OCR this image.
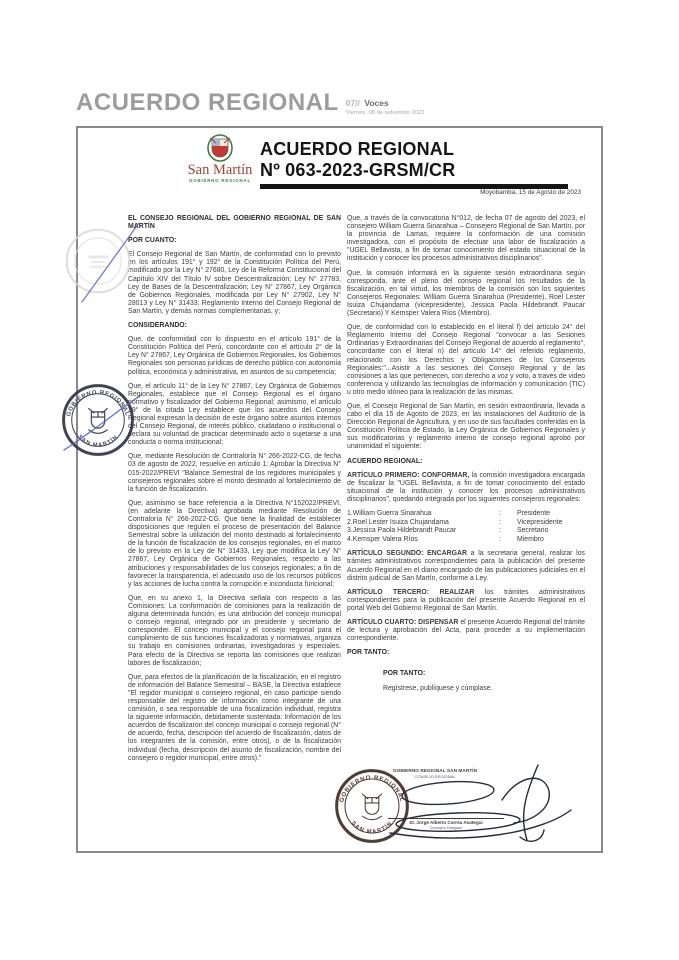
ACUERDO REGIONAL 07// Voces
Viernes, 08 de setiembre 2023
San Martín
GOBIERNO REGIONAL
ACUERDO REGIONAL
Nº 063-2023-GRSM/CR
Moyobamba, 15 de Agosto de 2023

EL CONSEJO REGIONAL DEL GOBIERNO REGIONAL DE SAN MARTÍN

POR CUANTO:

El Consejo Regional de San Martín, de conformidad con lo previsto en los artículos 191° y 192° de la Constitución Política del Perú, modificado por la Ley N° 27680, Ley de la Reforma Constitucional del Capítulo XIV del Título IV sobre Descentralización; Ley N° 27783, Ley de Bases de la Descentralización; Ley N° 27867, Ley Orgánica de Gobiernos Regionales, modificada por Ley N° 27902, Ley N° 28013 y Ley N° 31433; Reglamento Interno del Consejo Regional de San Martín, y demás normas complementarias, y;

CONSIDERANDO:

Que, de conformidad con lo dispuesto en el artículo 191° de la Constitución Política del Perú, concordante con el artículo 2° de la Ley N° 27867, Ley Orgánica de Gobiernos Regionales, los Gobiernos Regionales son personas jurídicas de derecho público con autonomía política, económica y administrativa, en asuntos de su competencia;

Que, el artículo 11° de la Ley N° 27867, Ley Orgánica de Gobiernos Regionales, establece que el Consejo Regional es el órgano normativo y fiscalizador del Gobierno Regional; asimismo, el artículo 39° de la citada Ley establece que los acuerdos del Consejo Regional expresan la decisión de este órgano sobre asuntos internos del Consejo Regional, de interés público, ciudadano o institucional o declara su voluntad de practicar determinado acto o sujetarse a una conducta o norma institucional;

Que, mediante Resolución de Contraloría N° 266-2022-CG, de fecha 03 de agosto de 2022, resuelve en artículo 1: Aprobar la Directiva N° 015-2022/PREVI "Balance Semestral de los regidores municipales y consejeros regionales sobre el monto destinado al fortalecimiento de la función de fiscalización.

Que, asimismo se hace referencia a la Directiva N°152022/PREVI, (en adelante la Directiva) aprobada mediante Resolución de Contraloría N° 266-2022-CG. Que tiene la finalidad de establecer disposiciones que regulen el proceso de presentación del Balance Semestral sobre la utilización del monto destinado al fortalecimiento de la función de fiscalización de los consejos regionales, en el marco de lo previsto en la Ley de N° 31433, Ley que modifica la Ley' N° 27867, Ley Orgánica de Gobiernos Regionales, respecto a las atribuciones y responsabilidades de los consejos regionales; a fin de favorecer la transparencia, el adecuado uso de los recursos públicos y las acciones de lucha contra la corrupción e inconducta funcional;

Que, en su anexo 1, la Directiva señala con respecto a las Comisiones: La conformación de comisiones para la realización de alguna determinada función, es una atribución del concejo municipal o consejo regional, integrado por un presidente y secretario de corresponder. El concejo municipal y el consejo regional para el cumplimiento de sus funciones fiscalizadoras y normativas, organiza su trabajo en comisiones ordinarias, investigadoras y especiales. Para efecto de la Directiva se reporta las comisiones que realizan labores de fiscalización;

Que, para efectos de la planificación de la fiscalización, en el registro de información del Balance Semestral – BASE, la Directiva establece "El regidor municipal o consejero regional, en caso participe siendo responsable del registro de información como integrante de una comisión, o sea responsable de una fiscalización individual, registra la siguiente información, debidamente sustentada: Información de los acuerdos de fiscalizaron del concejo municipal o consejo regional (N° de acuerdo, fecha, descripción del acuerdo de fiscalización, datos de los integrantes de la comisión, entre otros), o de la fiscalización individual (fecha, descripción del asunto de fiscalización, nombre del consejero o regidor municipal, entre otros)."

Que, a través de la convocatoria N°012, de fecha 07 de agosto del 2023, el consejero William Guerra Sinarahua – Consejero Regional de San Martín, por la provincia de Lamas, requiere la conformación de una comisión investigadora, con el propósito de efectuar una labor de fiscalización a "UGEL Bellavista, a fin de tomar conocimiento del estado situacional de la institución y conocer los procesos administrativos disciplinarios".

Que, la comisión informará en la siguiente sesión extraordinaria según corresponda, ante el pleno del consejo regional los resultados de la fiscalización, en tal virtud, los miembros de la comisión son los siguientes Consejeros Regionales: William Guerra Sinarahua (Presidente), Roel Lester Isuiza Chujandama (vicepresidente), Jessica Paola Hildebrandt Paucar (Secretario) Y Kemsper Valera Ríos (Miembro).

Que, de conformidad con lo establecido en el literal f) del artículo 24° del Reglamento Interno del Consejo Regional "convocar a las Sesiones Ordinarias y Extraordinarias del Consejo Regional de acuerdo al reglamento", concordante con el literal n) del artículo 14° del referido reglamento, relacionado con los Derechos y Obligaciones de los Consejeros Regionales:"...Asistir a las sesiones del Consejo Regional y de las comisiones a las que pertenecen, con derecho a voz y voto, a través de video conferencia y utilizando las tecnologías de información y comunicación (TIC) u otro medio idóneo para la realización de las mismas.

Que, el Consejo Regional de San Martín, en sesión extraordinaria, llevada a cabo el día 15 de Agosto de 2023, en las instalaciones del Auditorio de la Dirección Regional de Agricultura, y en uso de sus facultades conferidas en la Constitución Política de Estado, la Ley Orgánica de Gobiernos Regionales y sus modificatorias y reglamento interno de consejo regional aprobó por unanimidad el siguiente:

ACUERDO REGIONAL:

ARTÍCULO PRIMERO: CONFORMAR, la comisión investigadora encargada de fiscalizar la "UGEL Bellavista, a fin de tomar conocimiento del estado situacional de la institución y conocer los procesos administrativos disciplinarios", quedando integrada por los siguientes consejeros regionales:

1.William Guerra Sinarahua	:	Presidente
2.Roel Lester Isuiza Chujandama	:	Vicepresidente
3.Jessica Paola Hildebrandt Paucar	:	Secretario
4.Kemsper Valera Ríos	:	Miembro

ARTÍCULO SEGUNDO: ENCARGAR a la secretaria general, realizar los trámites administrativos correspondientes para la publicación del presente Acuerdo Regional en el diario encargado de las publicaciones judiciales en el distrito judicial de San Martín, conforme a Ley.

ARTÍCULO TERCERO: REALIZAR los trámites administrativos correspondientes para la publicación del presente Acuerdo Regional en el portal Web del Gobierno Regional de San Martín.

ARTÍCULO CUARTO: DISPENSAR el presente Acuerdo Regional del trámite de lectura y aprobación del Acta, para proceder a su implementación correspondiente.

POR TANTO:

POR TANTO:

Regístrese, publíquese y cúmplase.

GOBIERNO REGIONAL
SAN MARTÍN
GOBIERNO REGIONAL
SAN MARTÍN
GOBIERNO REGIONAL SAN MARTÍN
CONSEJO REGIONAL
Sr. Jorge Alberto Correa Asategui
Consejero Delegado
